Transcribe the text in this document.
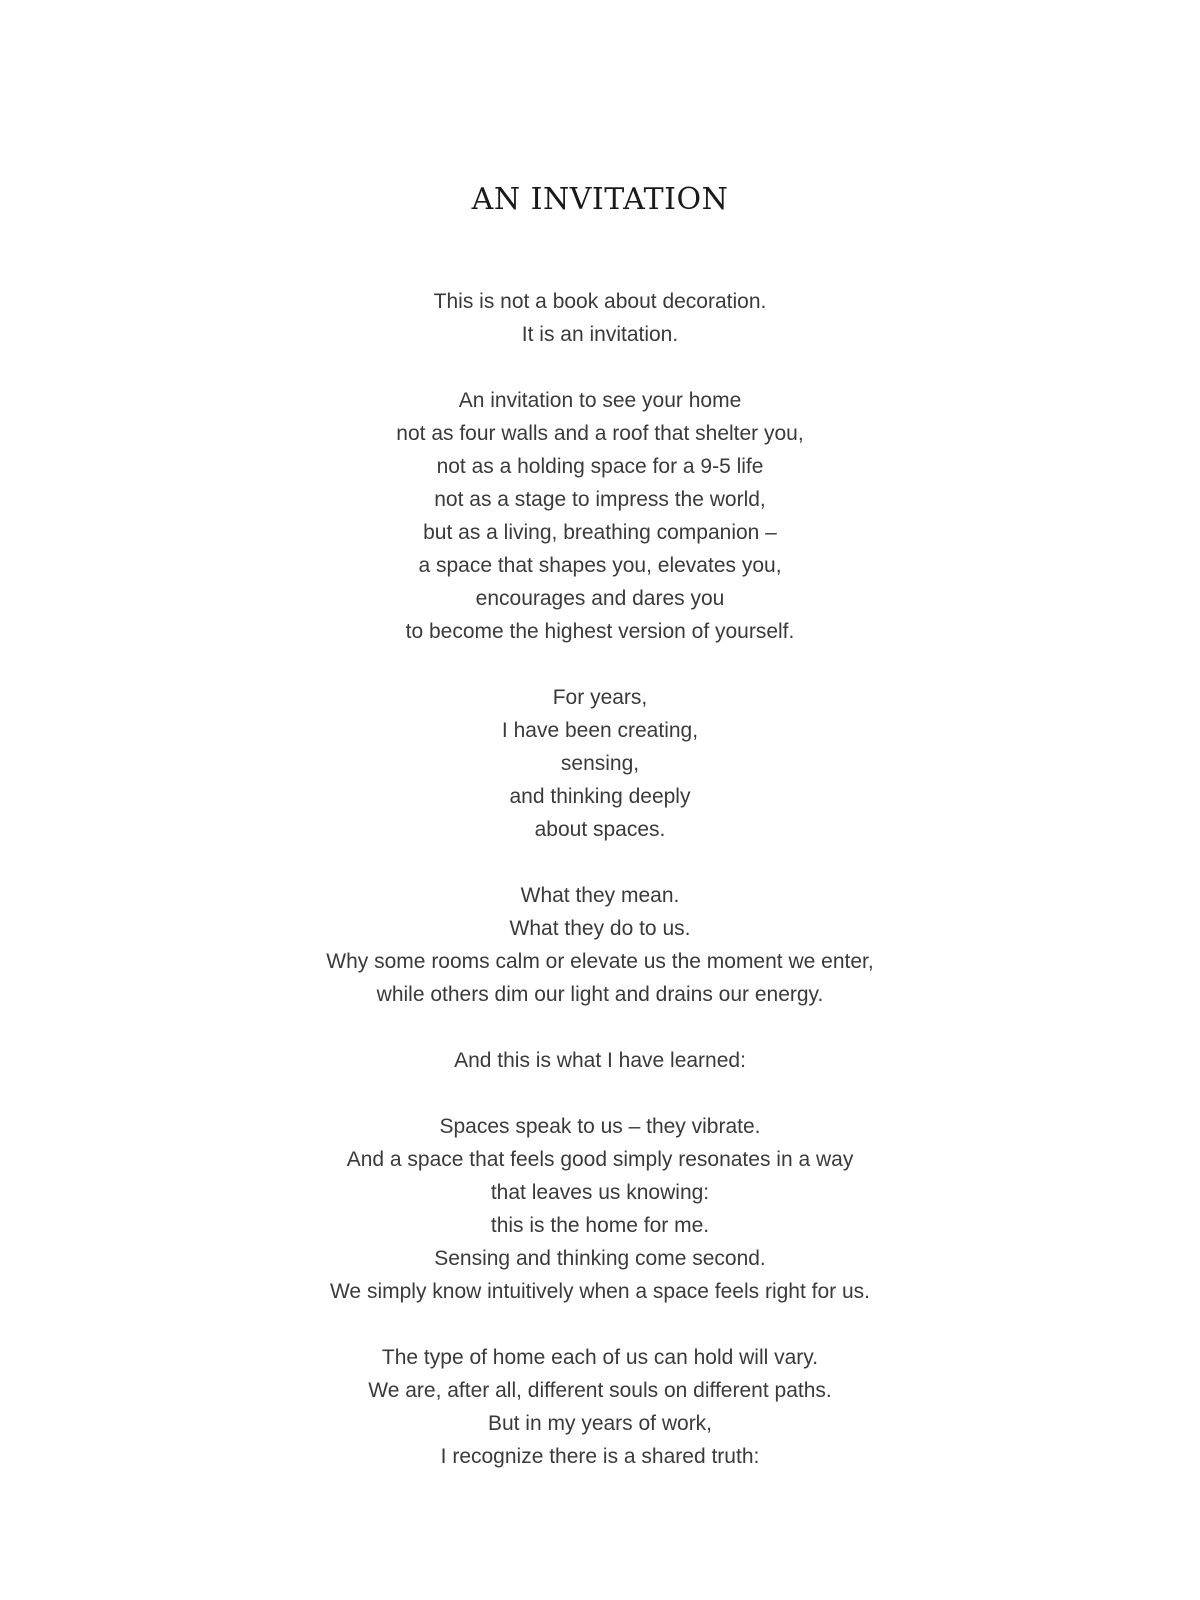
AN INVITATION
This is not a book about decoration.
It is an invitation.
An invitation to see your home
not as four walls and a roof that shelter you,
not as a holding space for a 9-5 life
not as a stage to impress the world,
but as a living, breathing companion –
a space that shapes you, elevates you,
encourages and dares you
to become the highest version of yourself.
For years,
I have been creating,
sensing,
and thinking deeply
about spaces.
What they mean.
What they do to us.
Why some rooms calm or elevate us the moment we enter,
while others dim our light and drains our energy.
And this is what I have learned:
Spaces speak to us – they vibrate.
And a space that feels good simply resonates in a way
that leaves us knowing:
this is the home for me.
Sensing and thinking come second.
We simply know intuitively when a space feels right for us.
The type of home each of us can hold will vary.
We are, after all, different souls on different paths.
But in my years of work,
I recognize there is a shared truth:
